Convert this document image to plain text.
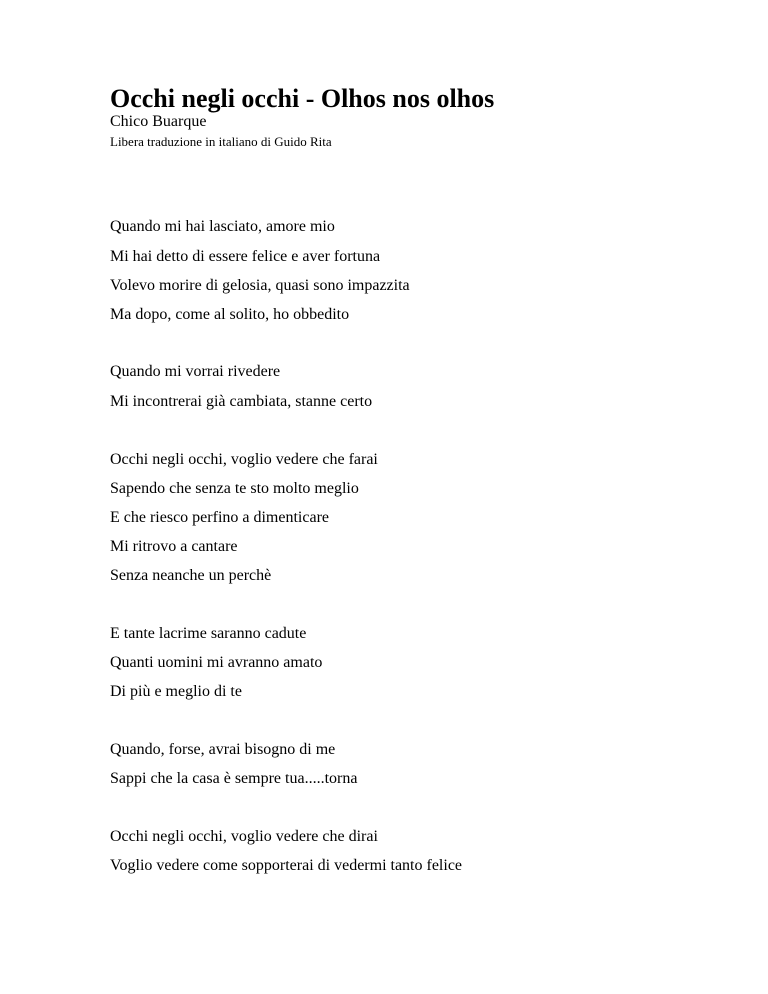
Occhi negli occhi - Olhos nos olhos
Chico Buarque
Libera traduzione in italiano di Guido Rita
Quando mi hai lasciato, amore mio
Mi hai detto di essere felice e aver fortuna
Volevo morire di gelosia, quasi sono impazzita
Ma dopo, come al solito, ho obbedito
Quando mi vorrai rivedere
Mi incontrerai già cambiata, stanne certo
Occhi negli occhi, voglio vedere che farai
Sapendo che senza te sto molto meglio
E che riesco perfino a dimenticare
Mi ritrovo a cantare
Senza neanche un perchè
E tante lacrime saranno cadute
Quanti uomini mi avranno amato
Di più e meglio di te
Quando, forse, avrai bisogno di me
Sappi che la casa è sempre tua.....torna
Occhi negli occhi, voglio vedere che dirai
Voglio vedere come sopporterai di vedermi tanto felice
